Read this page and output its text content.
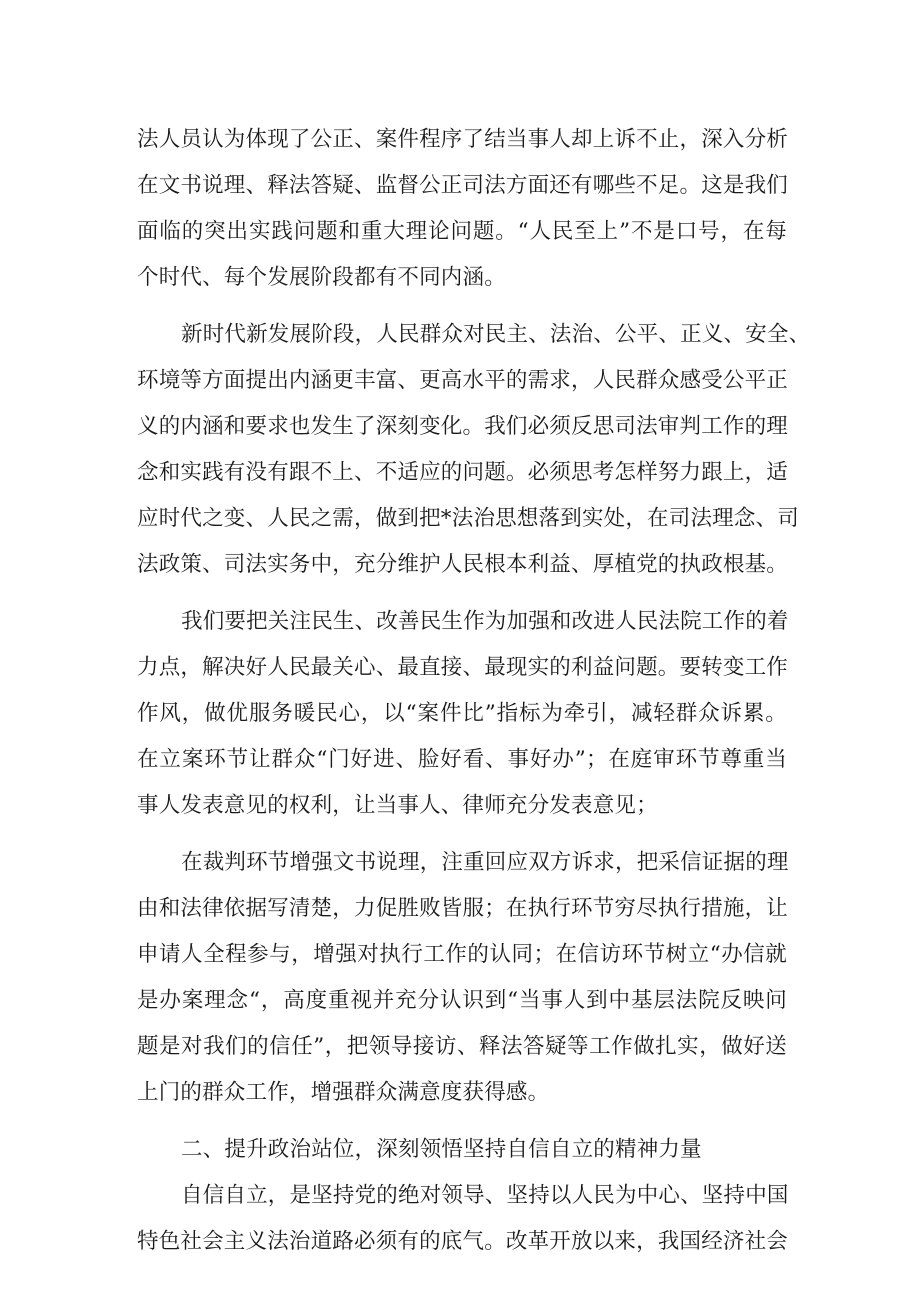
法人员认为体现了公正、案件程序了结当事人却上诉不止，深入分析
在文书说理、释法答疑、监督公正司法方面还有哪些不足。这是我们
面临的突出实践问题和重大理论问题。“人民至上”不是口号，在每
个时代、每个发展阶段都有不同内涵。
新时代新发展阶段，人民群众对民主、法治、公平、正义、安全、
环境等方面提出内涵更丰富、更高水平的需求，人民群众感受公平正
义的内涵和要求也发生了深刻变化。我们必须反思司法审判工作的理
念和实践有没有跟不上、不适应的问题。必须思考怎样努力跟上，适
应时代之变、人民之需，做到把*法治思想落到实处，在司法理念、司
法政策、司法实务中，充分维护人民根本利益、厚植党的执政根基。
我们要把关注民生、改善民生作为加强和改进人民法院工作的着
力点，解决好人民最关心、最直接、最现实的利益问题。要转变工作
作风，做优服务暖民心，以“案件比”指标为牵引，减轻群众诉累。
在立案环节让群众“门好进、脸好看、事好办”；在庭审环节尊重当
事人发表意见的权利，让当事人、律师充分发表意见；
在裁判环节增强文书说理，注重回应双方诉求，把采信证据的理
由和法律依据写清楚，力促胜败皆服；在执行环节穷尽执行措施，让
申请人全程参与，增强对执行工作的认同；在信访环节树立“办信就
是办案理念“，高度重视并充分认识到“当事人到中基层法院反映问
题是对我们的信任”，把领导接访、释法答疑等工作做扎实，做好送
上门的群众工作，增强群众满意度获得感。
二、提升政治站位，深刻领悟坚持自信自立的精神力量
自信自立，是坚持党的绝对领导、坚持以人民为中心、坚持中国
特色社会主义法治道路必须有的底气。改革开放以来，我国经济社会
